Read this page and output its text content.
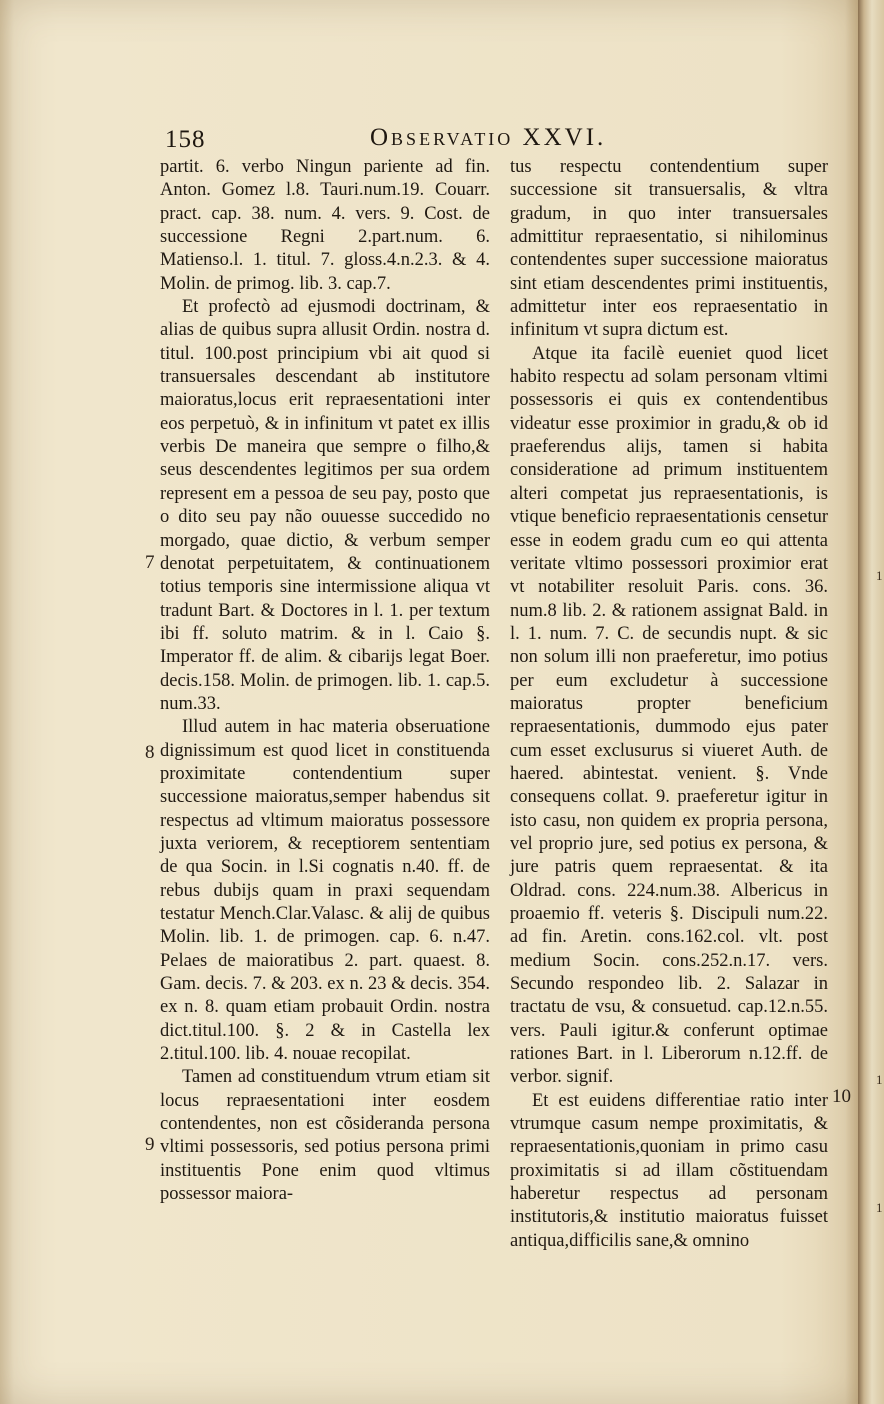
158	Observatio XXVI.

partit. 6. verbo Ningun pariente ad fin. Anton. Gomez l.8. Tauri.num.19. Couarr. pract. cap. 38. num. 4. vers. 9. Cost. de successione Regni 2.part.num. 6. Matienso.l. 1. titul. 7. gloss.4.n.2.3. & 4. Molin. de primog. lib. 3. cap.7.

Et profectò ad ejusmodi doctrinam, & alias de quibus supra allusit Ordin. nostra d. titul. 100.post principium vbi ait quod si transuersales descendant ab institutore maioratus,locus erit repraesentationi inter eos perpetuò, & in infinitum vt patet ex illis verbis De maneira que sempre o filho,& seus descendentes legitimos per sua ordem represent em a pessoa de seu pay, posto que o dito seu pay não ouuesse succedido no morgado, quae dictio, & verbum semper denotat perpetuitatem, & continuationem totius temporis sine intermissione aliqua vt tradunt Bart. & Doctores in l. 1. per textum ibi ff. soluto matrim. & in l. Caio §. Imperator ff. de alim. & cibarijs legat Boer. decis.158. Molin. de primogen. lib. 1. cap.5. num.33.

Illud autem in hac materia obseruatione dignissimum est quod licet in constituenda proximitate contendentium super successione maioratus,semper habendus sit respectus ad vltimum maioratus possessore juxta veriorem, & receptiorem sententiam de qua Socin. in l.Si cognatis n.40. ff. de rebus dubijs quam in praxi sequendam testatur Mench.Clar.Valasc. & alij de quibus Molin. lib. 1. de primogen. cap. 6. n.47. Pelaes de maioratibus 2. part. quaest. 8. Gam. decis. 7. & 203. ex n. 23 & decis. 354. ex n. 8. quam etiam probauit Ordin. nostra dict.titul.100. §. 2 & in Castella lex 2.titul.100. lib. 4. nouae recopilat.

Tamen ad constituendum vtrum etiam sit locus repraesentationi inter eosdem contendentes, non est cõsideranda persona vltimi possessoris, sed potius persona primi instituentis Pone enim quod vltimus possessor maiora-

tus respectu contendentium super successione sit transuersalis, & vltra gradum, in quo inter transuersales admittitur repraesentatio, si nihilominus contendentes super successione maioratus sint etiam descendentes primi instituentis, admittetur inter eos repraesentatio in infinitum vt supra dictum est.

Atque ita facilè eueniet quod licet habito respectu ad solam personam vltimi possessoris ei quis ex contendentibus videatur esse proximior in gradu,& ob id praeferendus alijs, tamen si habita consideratione ad primum instituentem alteri competat jus repraesentationis, is vtique beneficio repraesentationis censetur esse in eodem gradu cum eo qui attenta veritate vltimo possessori proximior erat vt notabiliter resoluit Paris. cons. 36. num.8 lib. 2. & rationem assignat Bald. in l. 1. num. 7. C. de secundis nupt. & sic non solum illi non praeferetur, imo potius per eum excludetur à successione maioratus propter beneficium repraesentationis, dummodo ejus pater cum esset exclusurus si viueret Auth. de haered. abintestat. venient. §. Vnde consequens collat. 9. praeferetur igitur in isto casu, non quidem ex propria persona, vel proprio jure, sed potius ex persona, & jure patris quem repraesentat. & ita Oldrad. cons. 224.num.38. Albericus in proaemio ff. veteris §. Discipuli num.22. ad fin. Aretin. cons.162.col. vlt. post medium Socin. cons.252.n.17. vers. Secundo respondeo lib. 2. Salazar in tractatu de vsu, & consuetud. cap.12.n.55. vers. Pauli igitur.& conferunt optimae rationes Bart. in l. Liberorum n.12.ff. de verbor. signif.

Et est euidens differentiae ratio inter vtrumque casum nempe proximitatis, & repraesentationis,quoniam in primo casu proximitatis si ad illam cõstituendam haberetur respectus ad personam institutoris,& institutio maioratus fuisset antiqua,difficilis sane,& omnino

7
8
9
10
1
1
1
